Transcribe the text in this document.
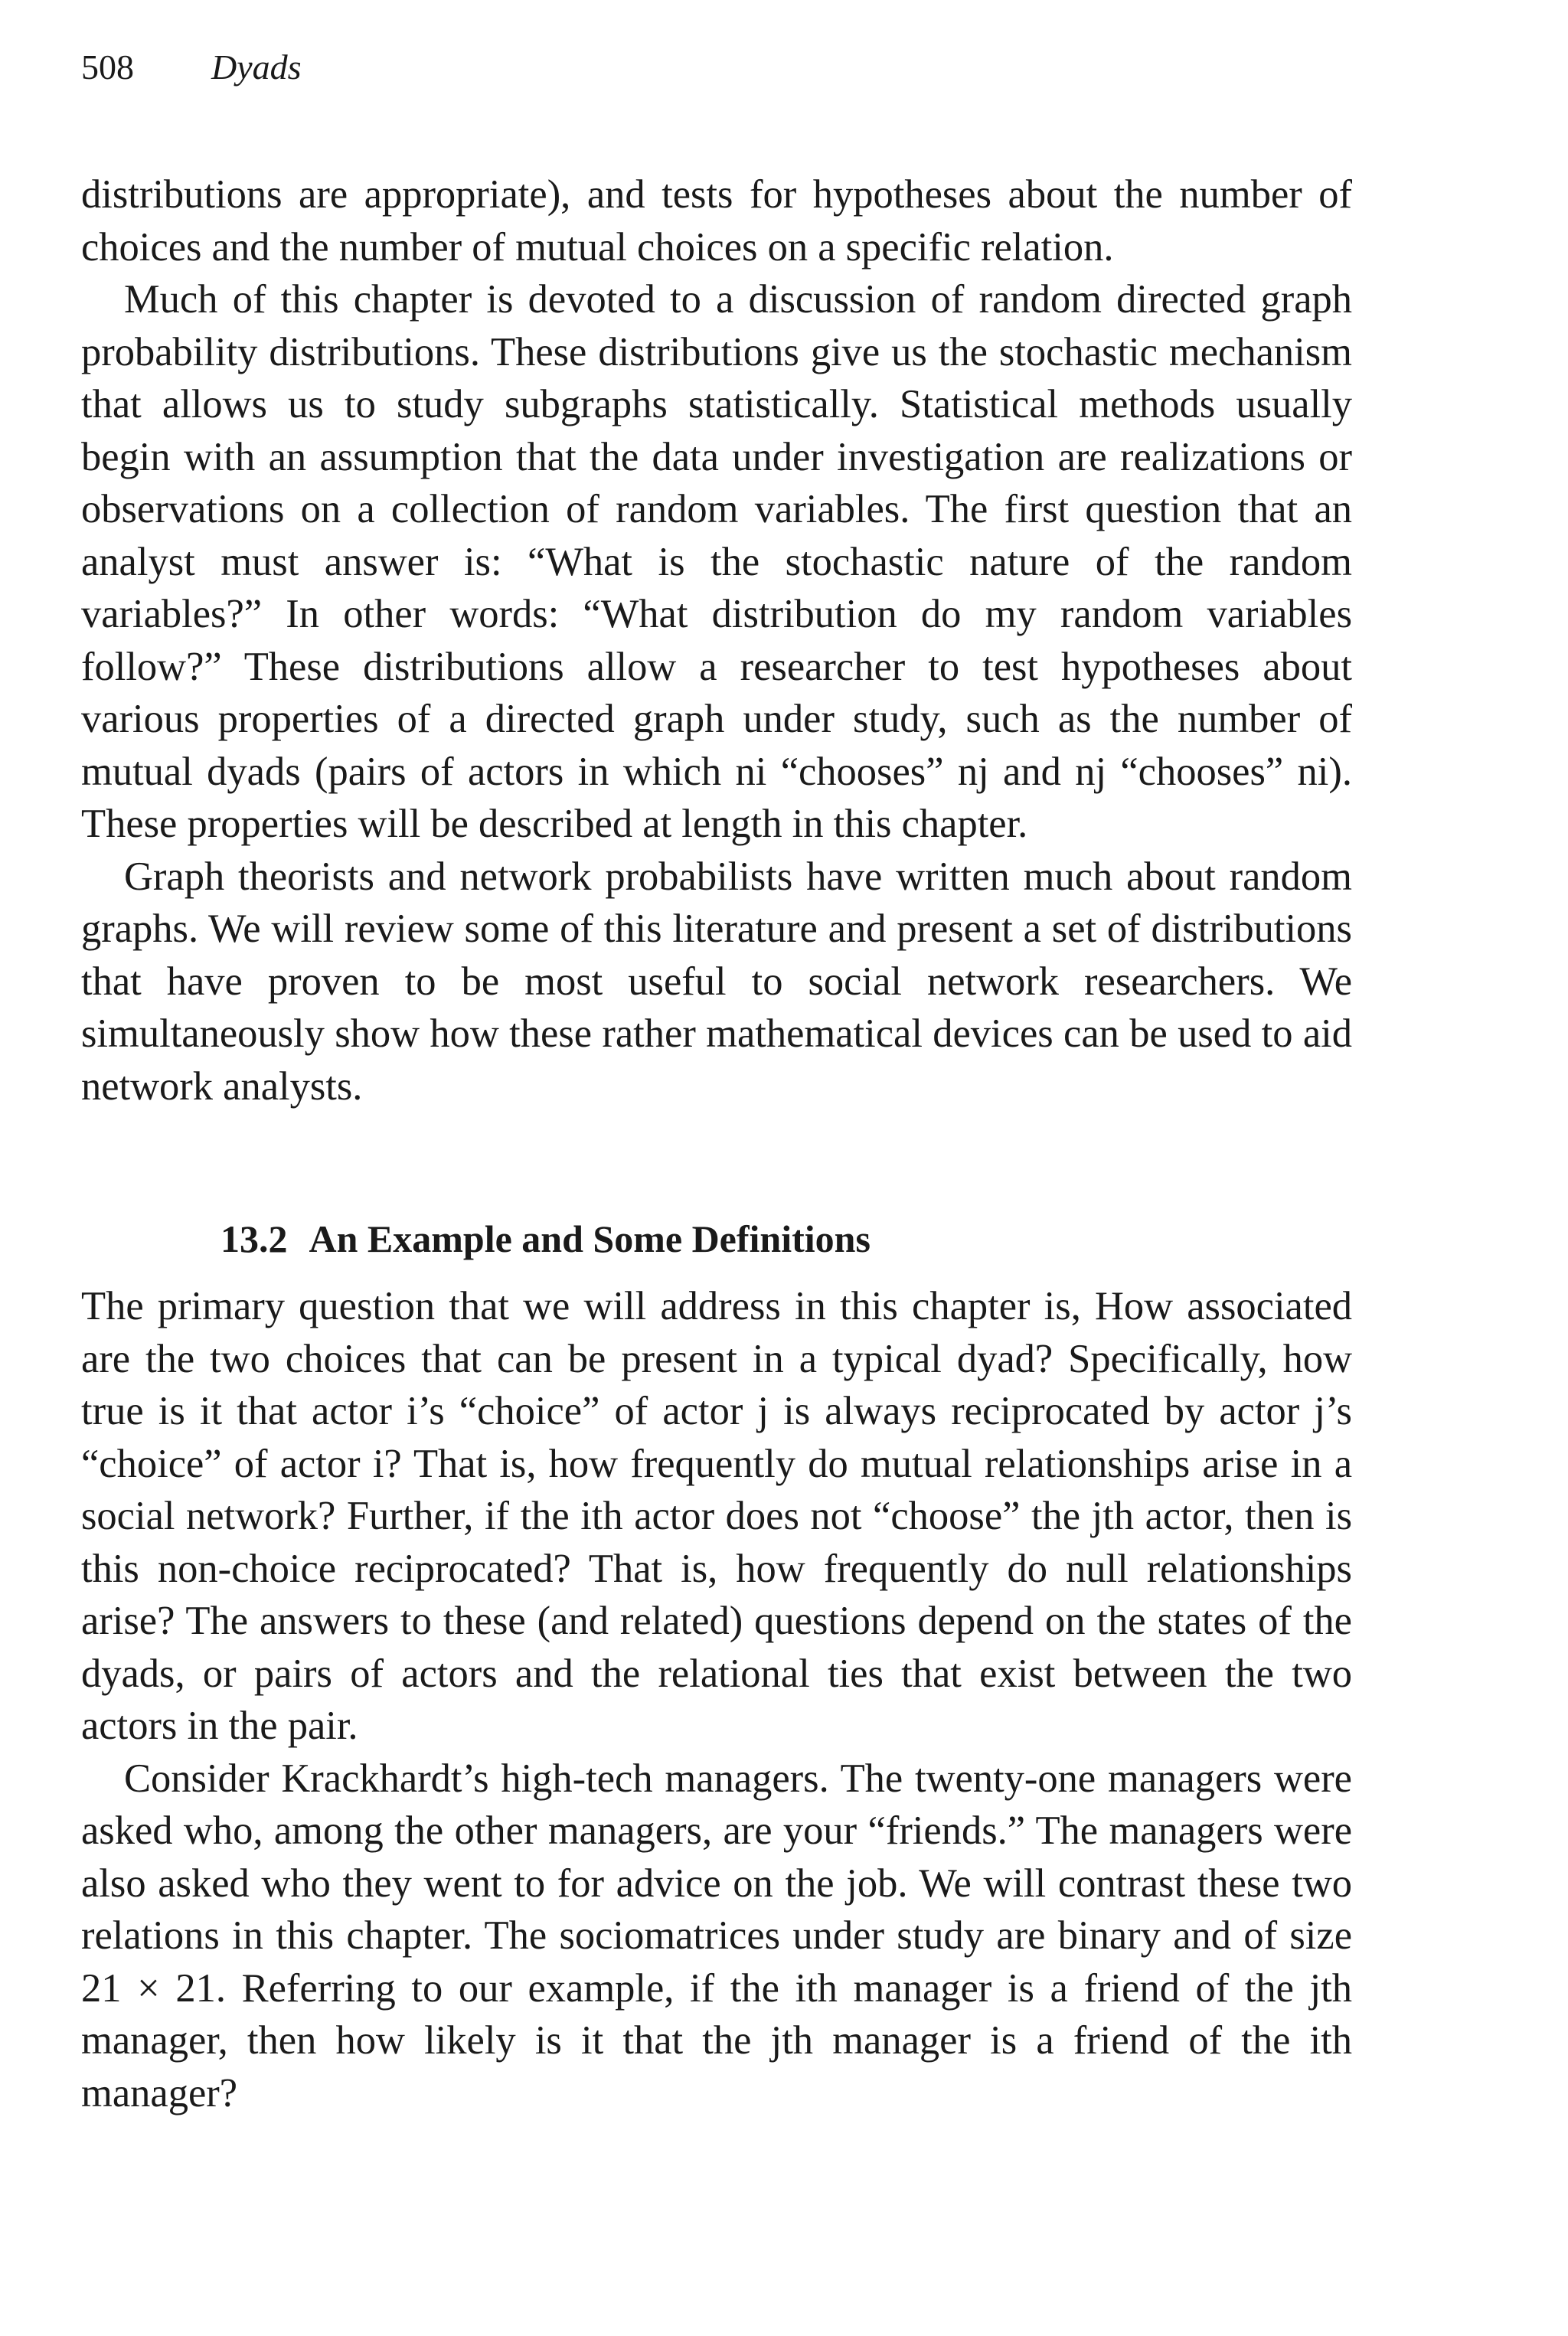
508 Dyads

distributions are appropriate), and tests for hypotheses about the number of choices and the number of mutual choices on a specific relation.

Much of this chapter is devoted to a discussion of random directed graph probability distributions. These distributions give us the stochastic mechanism that allows us to study subgraphs statistically. Statistical methods usually begin with an assumption that the data under investigation are realizations or observations on a collection of random variables. The first question that an analyst must answer is: “What is the stochastic nature of the random variables?” In other words: “What distribution do my random variables follow?” These distributions allow a researcher to test hypotheses about various properties of a directed graph under study, such as the number of mutual dyads (pairs of actors in which ni “chooses” nj and nj “chooses” ni). These properties will be described at length in this chapter.

Graph theorists and network probabilists have written much about random graphs. We will review some of this literature and present a set of distributions that have proven to be most useful to social network researchers. We simultaneously show how these rather mathematical devices can be used to aid network analysts.

13.2 An Example and Some Definitions

The primary question that we will address in this chapter is, How associated are the two choices that can be present in a typical dyad? Specifically, how true is it that actor i’s “choice” of actor j is always reciprocated by actor j’s “choice” of actor i? That is, how frequently do mutual relationships arise in a social network? Further, if the ith actor does not “choose” the jth actor, then is this non-choice reciprocated? That is, how frequently do null relationships arise? The answers to these (and related) questions depend on the states of the dyads, or pairs of actors and the relational ties that exist between the two actors in the pair.

Consider Krackhardt’s high-tech managers. The twenty-one managers were asked who, among the other managers, are your “friends.” The managers were also asked who they went to for advice on the job. We will contrast these two relations in this chapter. The sociomatrices under study are binary and of size 21 × 21. Referring to our example, if the ith manager is a friend of the jth manager, then how likely is it that the jth manager is a friend of the ith manager?
